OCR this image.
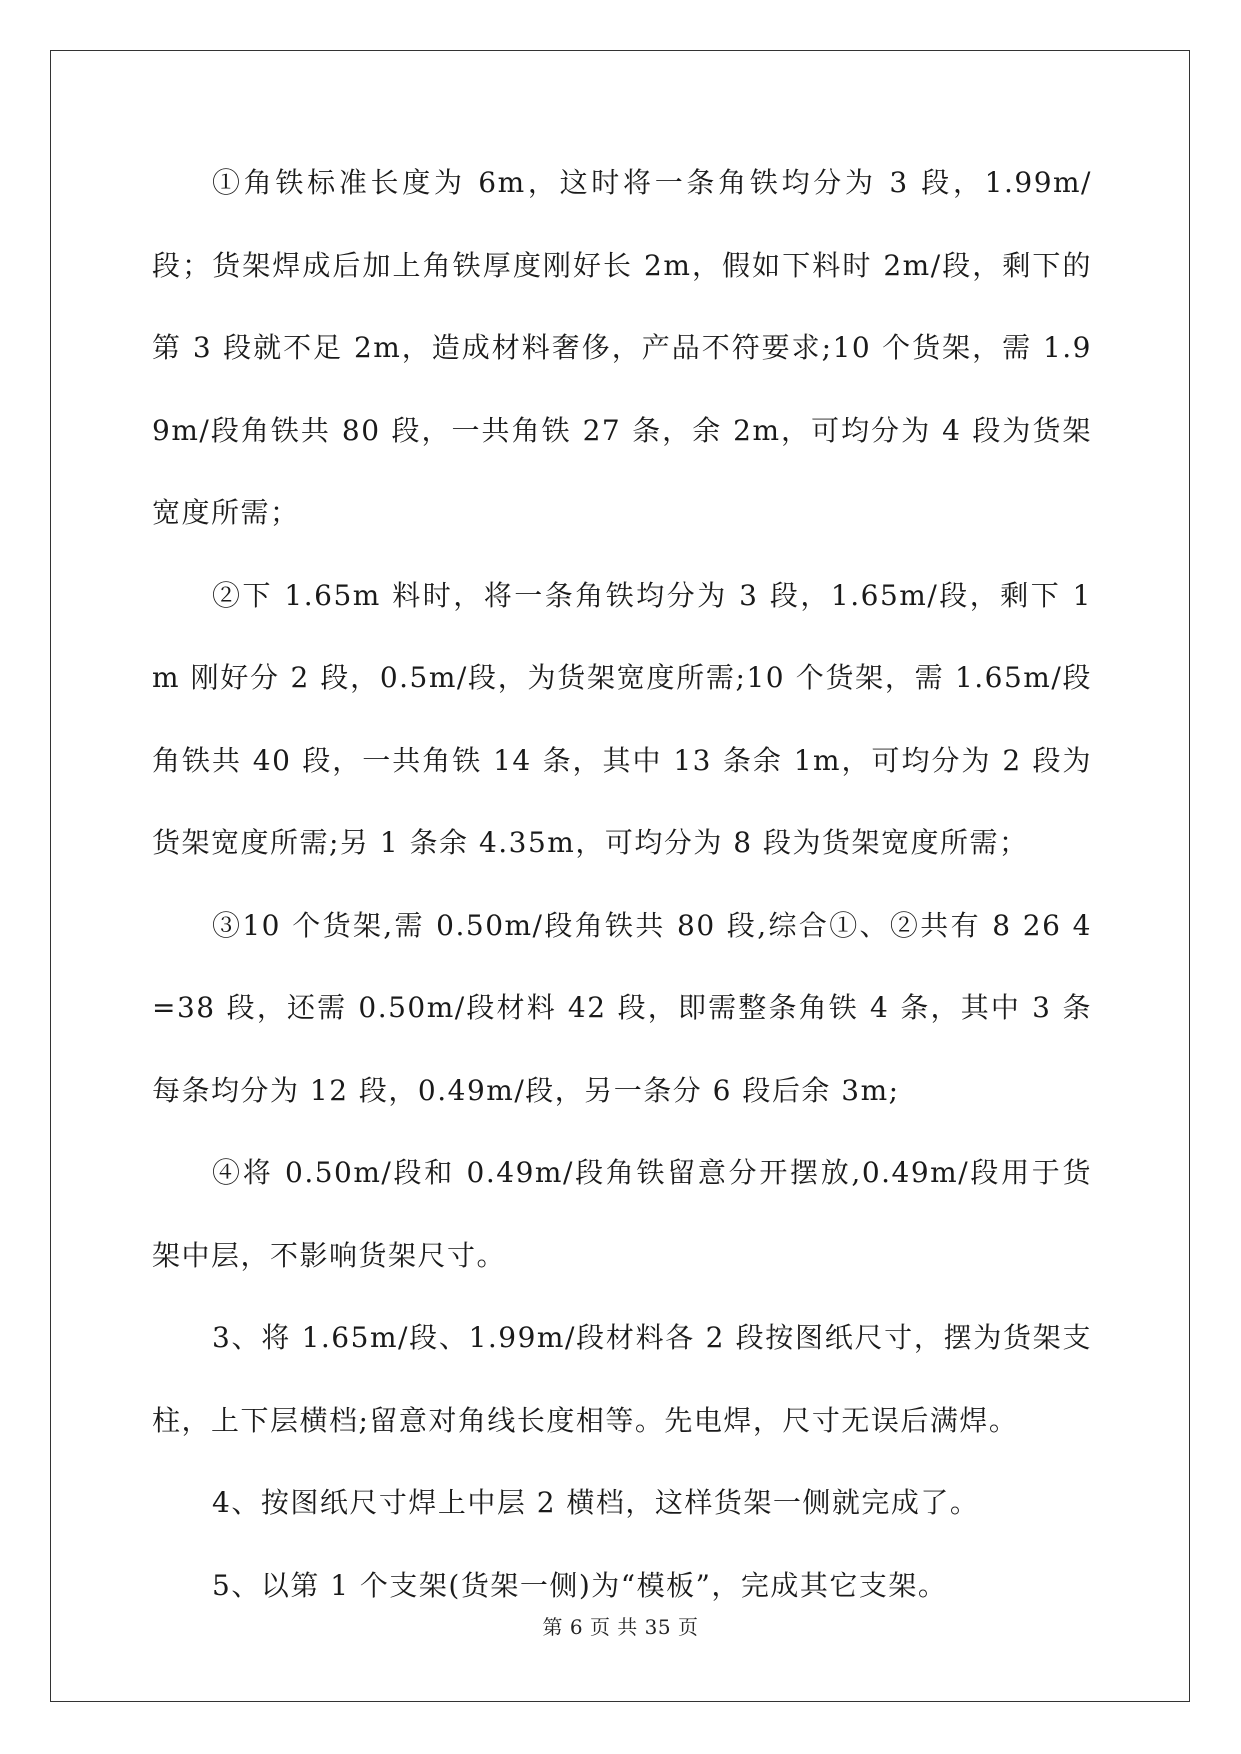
①角铁标准长度为 6m，这时将一条角铁均分为 3 段，1.99m/段；货架焊成后加上角铁厚度刚好长 2m，假如下料时 2m/段，剩下的第 3 段就不足 2m，造成材料奢侈，产品不符要求;10 个货架，需 1.99m/段角铁共 80 段，一共角铁 27 条，余 2m，可均分为 4 段为货架宽度所需；

②下 1.65m 料时，将一条角铁均分为 3 段，1.65m/段，剩下 1m 刚好分 2 段，0.5m/段，为货架宽度所需;10 个货架，需 1.65m/段角铁共 40 段，一共角铁 14 条，其中 13 条余 1m，可均分为 2 段为货架宽度所需;另 1 条余 4.35m，可均分为 8 段为货架宽度所需；

③10 个货架,需 0.50m/段角铁共 80 段,综合①、②共有 8 26 4=38 段，还需 0.50m/段材料 42 段，即需整条角铁 4 条，其中 3 条每条均分为 12 段，0.49m/段，另一条分 6 段后余 3m;

④将 0.50m/段和 0.49m/段角铁留意分开摆放,0.49m/段用于货架中层，不影响货架尺寸。

3、将 1.65m/段、1.99m/段材料各 2 段按图纸尺寸，摆为货架支柱，上下层横档;留意对角线长度相等。先电焊，尺寸无误后满焊。

4、按图纸尺寸焊上中层 2 横档，这样货架一侧就完成了。

5、以第 1 个支架(货架一侧)为“模板”，完成其它支架。

第 6 页 共 35 页
